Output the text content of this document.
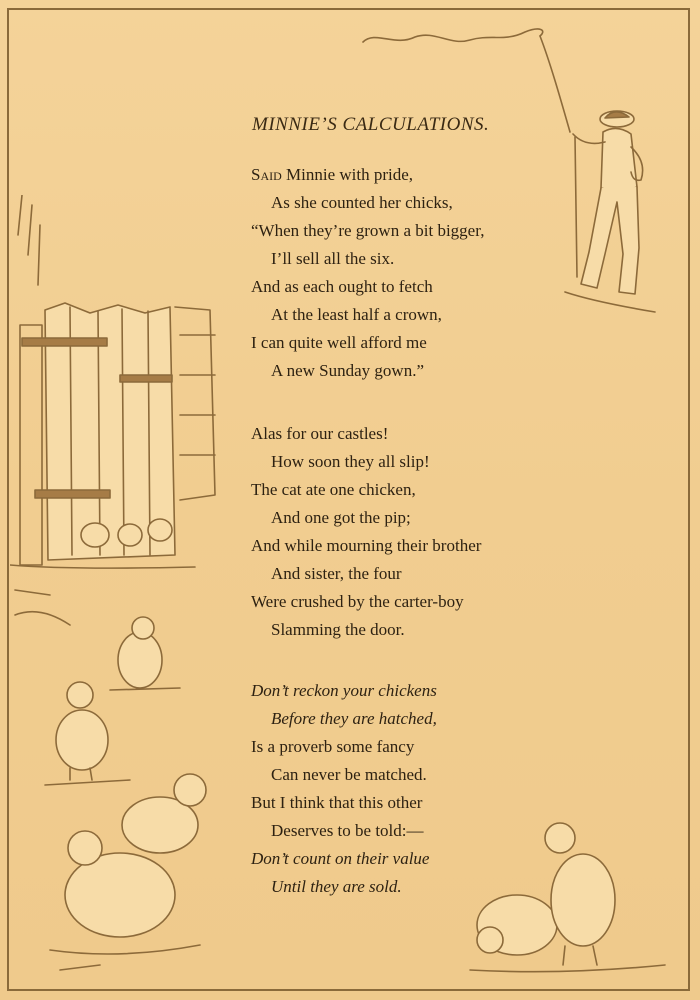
MINNIE’S CALCULATIONS.
Said Minnie with pride,
As she counted her chicks,
“When they’re grown a bit bigger,
I’ll sell all the six.
And as each ought to fetch
At the least half a crown,
I can quite well afford me
A new Sunday gown.”
Alas for our castles!
How soon they all slip!
The cat ate one chicken,
And one got the pip;
And while mourning their brother
And sister, the four
Were crushed by the carter-boy
Slamming the door.
Don’t reckon your chickens
Before they are hatched,
Is a proverb some fancy
Can never be matched.
But I think that this other
Deserves to be told:—
Don’t count on their value
Until they are sold.
